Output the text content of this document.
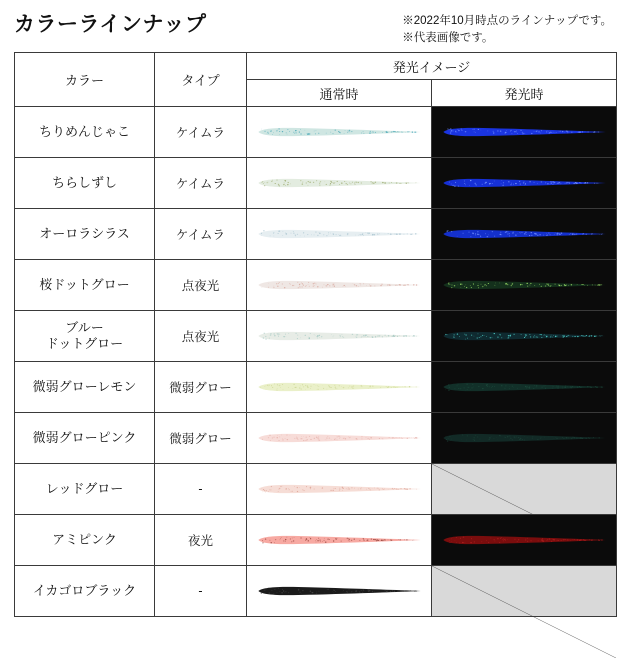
カラーラインナップ	※2022年10月時点のラインナップです。
※代表画像です。
カラー	タイプ	発光イメージ	
		通常時	発光時

ちりめんじゃこ	ケイムラ	

ちらしずし	ケイムラ	

オーロラシラス	ケイムラ	

桜ドットグロー	点夜光	

ブルー
ドットグロー	点夜光	

微弱グローレモン	微弱グロー	

微弱グローピンク	微弱グロー	

レッドグロー	-	

アミピンク	夜光	

イカゴロブラック	-	
